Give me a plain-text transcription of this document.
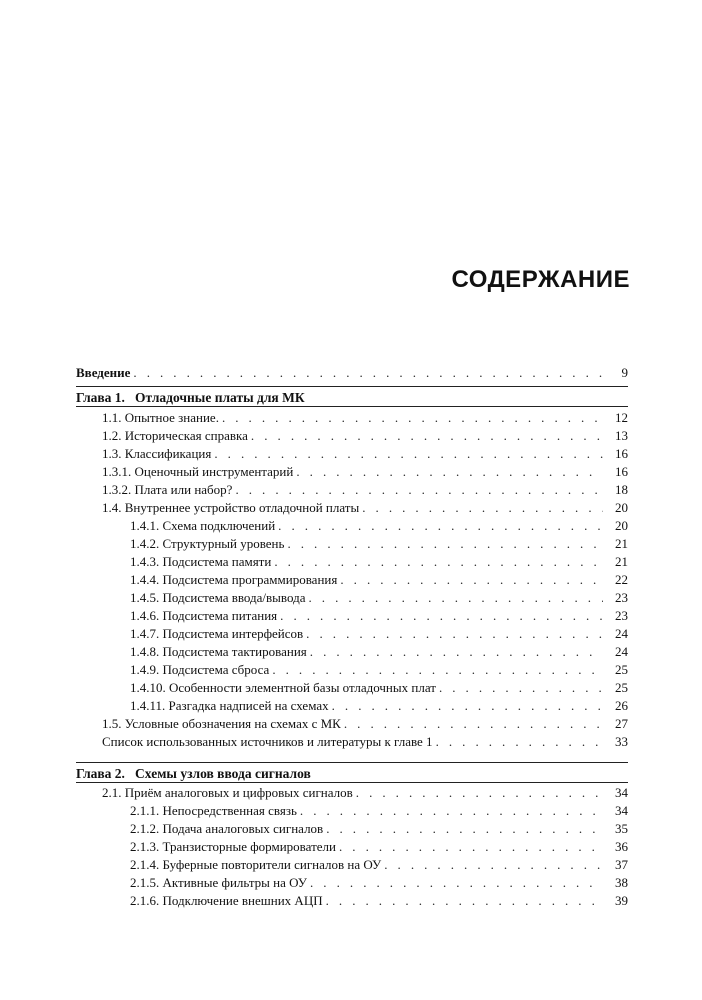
СОДЕРЖАНИЕ
Введение . . .	9
Глава 1.   Отладочные платы для МК
1.1. Опытное знание. . . .	12
1.2. Историческая справка . . .	13
1.3. Классификация . . .	16
1.3.1. Оценочный инструментарий . . .	16
1.3.2. Плата или набор? . . .	18
1.4. Внутреннее устройство отладочной платы . . .	20
1.4.1. Схема подключений . . .	20
1.4.2. Структурный уровень . . .	21
1.4.3. Подсистема памяти . . .	21
1.4.4. Подсистема программирования . . .	22
1.4.5. Подсистема ввода/вывода . . .	23
1.4.6. Подсистема питания . . .	23
1.4.7. Подсистема интерфейсов . . .	24
1.4.8. Подсистема тактирования . . .	24
1.4.9. Подсистема сброса . . .	25
1.4.10. Особенности элементной базы отладочных плат . . .	25
1.4.11. Разгадка надписей на схемах . . .	26
1.5. Условные обозначения на схемах с МК . . .	27
Список использованных источников и литературы к главе 1 . . .	33
Глава 2.   Схемы узлов ввода сигналов
2.1. Приём аналоговых и цифровых сигналов . . .	34
2.1.1. Непосредственная связь . . .	34
2.1.2. Подача аналоговых сигналов . . .	35
2.1.3. Транзисторные формирователи . . .	36
2.1.4. Буферные повторители сигналов на ОУ . . .	37
2.1.5. Активные фильтры на ОУ . . .	38
2.1.6. Подключение внешних АЦП . . .	39
